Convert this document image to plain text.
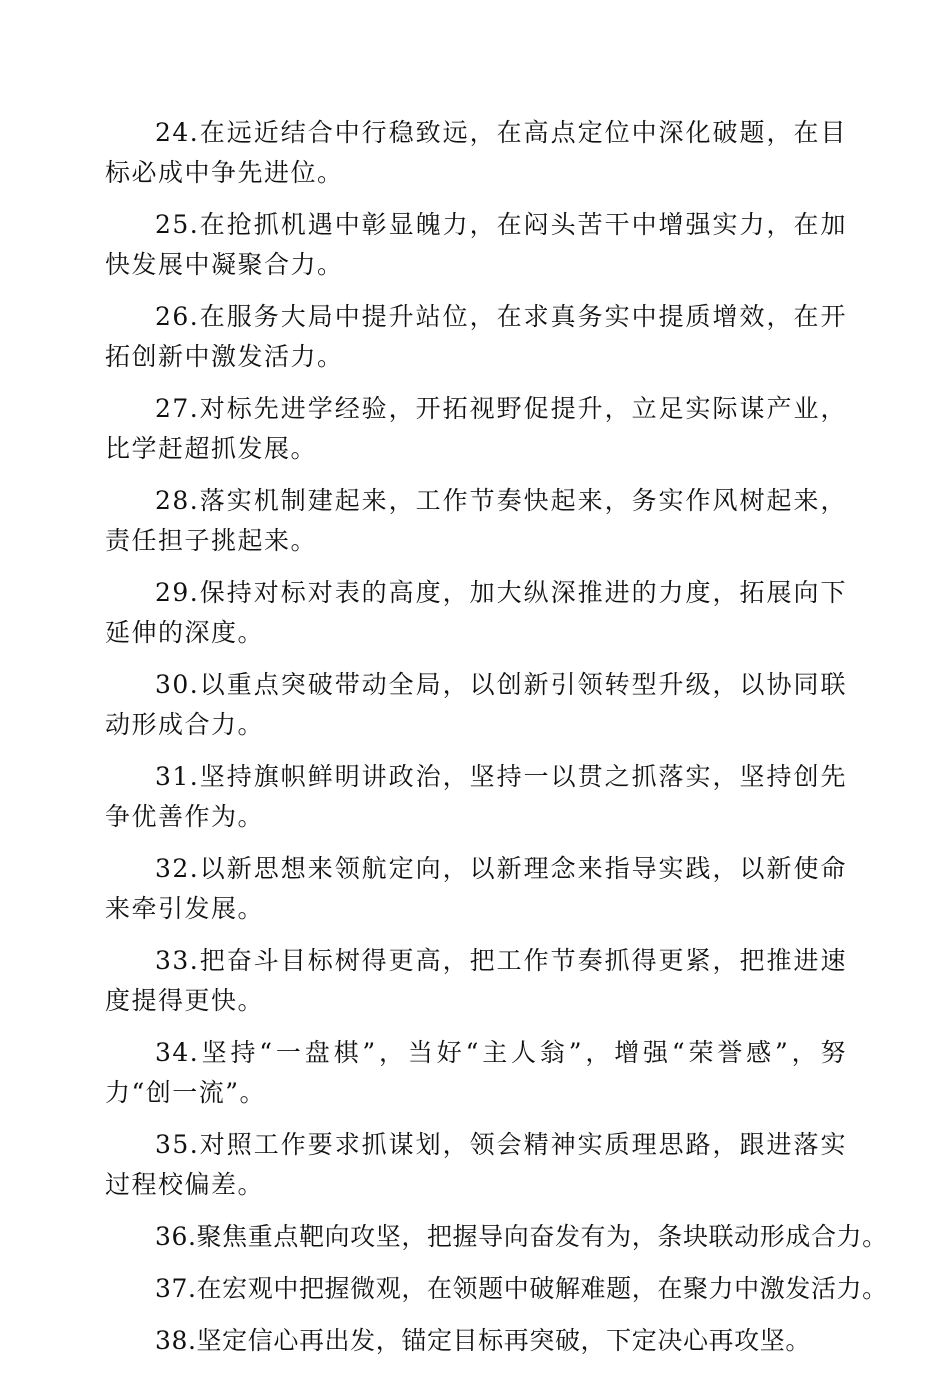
24.在远近结合中行稳致远，在高点定位中深化破题，在目标必成中争先进位。

25.在抢抓机遇中彰显魄力，在闷头苦干中增强实力，在加快发展中凝聚合力。

26.在服务大局中提升站位，在求真务实中提质增效，在开拓创新中激发活力。

27.对标先进学经验，开拓视野促提升，立足实际谋产业，比学赶超抓发展。

28.落实机制建起来，工作节奏快起来，务实作风树起来，责任担子挑起来。

29.保持对标对表的高度，加大纵深推进的力度，拓展向下延伸的深度。

30.以重点突破带动全局，以创新引领转型升级，以协同联动形成合力。

31.坚持旗帜鲜明讲政治，坚持一以贯之抓落实，坚持创先争优善作为。

32.以新思想来领航定向，以新理念来指导实践，以新使命来牵引发展。

33.把奋斗目标树得更高，把工作节奏抓得更紧，把推进速度提得更快。

34.坚持“一盘棋”，当好“主人翁”，增强“荣誉感”，努力“创一流”。

35.对照工作要求抓谋划，领会精神实质理思路，跟进落实过程校偏差。

36.聚焦重点靶向攻坚，把握导向奋发有为，条块联动形成合力。

37.在宏观中把握微观，在领题中破解难题，在聚力中激发活力。

38.坚定信心再出发，锚定目标再突破，下定决心再攻坚。
